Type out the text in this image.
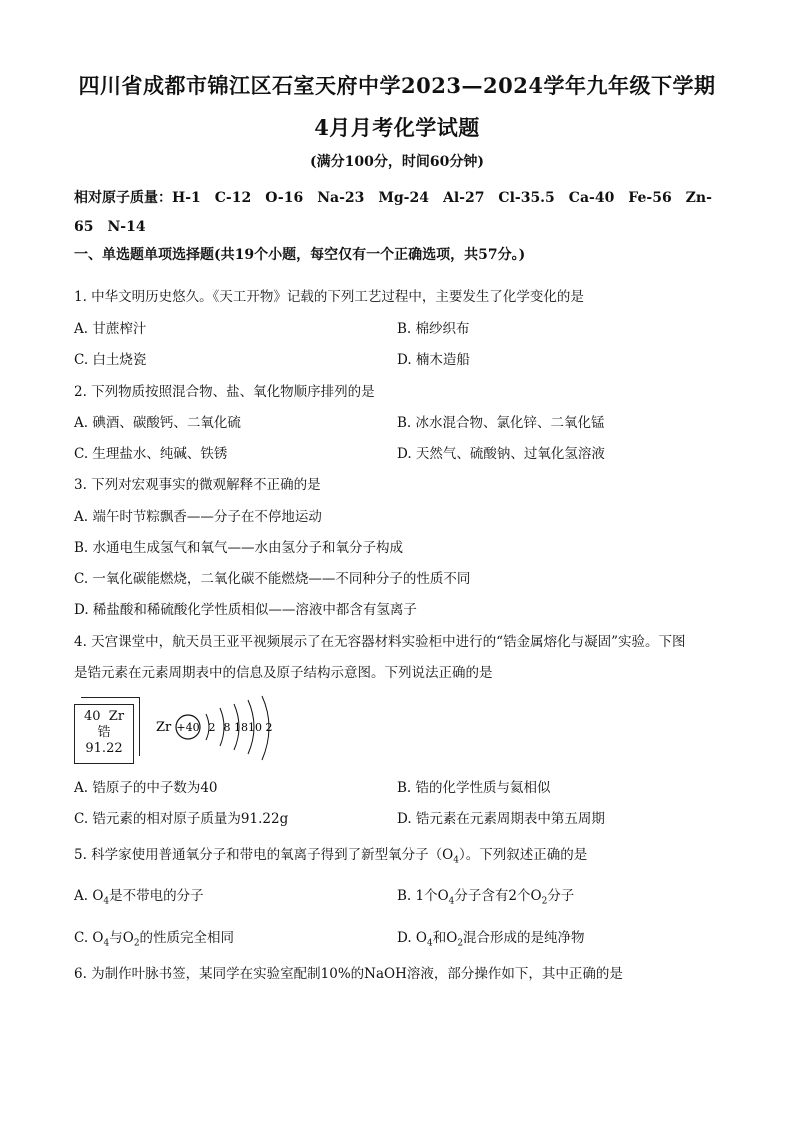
四川省成都市锦江区石室天府中学2023—2024学年九年级下学期
4月月考化学试题
(满分100分，时间60分钟)
相对原子质量：H-1　C-12　O-16　Na-23　Mg-24　Al-27　Cl-35.5　Ca-40　Fe-56　Zn-65　N-14
一、单选题单项选择题(共19个小题，每空仅有一个正确选项，共57分。)
1. 中华文明历史悠久。《天工开物》记载的下列工艺过程中，主要发生了化学变化的是
A. 甘蔗榨汁	B. 棉纱织布
C. 白土烧瓷	D. 楠木造船
2. 下列物质按照混合物、盐、氧化物顺序排列的是
A. 碘酒、碳酸钙、二氧化硫	B. 冰水混合物、氯化锌、二氧化锰
C. 生理盐水、纯碱、铁锈	D. 天然气、硫酸钠、过氧化氢溶液
3. 下列对宏观事实的微观解释不正确的是
A. 端午时节粽飘香——分子在不停地运动
B. 水通电生成氢气和氧气——水由氢分子和氧分子构成
C. 一氧化碳能燃烧，二氧化碳不能燃烧——不同种分子的性质不同
D. 稀盐酸和稀硫酸化学性质相似——溶液中都含有氢离子
4. 天宫课堂中，航天员王亚平视频展示了在无容器材料实验柜中进行的“锆金属熔化与凝固”实验。下图
是锆元素在元素周期表中的信息及原子结构示意图。下列说法正确的是
40 Zr
锆
91.22
Zr +40 2 8 18 10 2
A. 锆原子的中子数为40	B. 锆的化学性质与氦相似
C. 锆元素的相对原子质量为91.22g	D. 锆元素在元素周期表中第五周期
5. 科学家使用普通氧分子和带电的氧离子得到了新型氧分子$(O_4)$。下列叙述正确的是
A. $O_4$是不带电的分子	B. 1个$O_4$分子含有2个$O_2$分子
C. $O_4$与$O_2$的性质完全相同	D. $O_4$和$O_2$混合形成的是纯净物
6. 为制作叶脉书签，某同学在实验室配制10%的NaOH溶液，部分操作如下，其中正确的是
